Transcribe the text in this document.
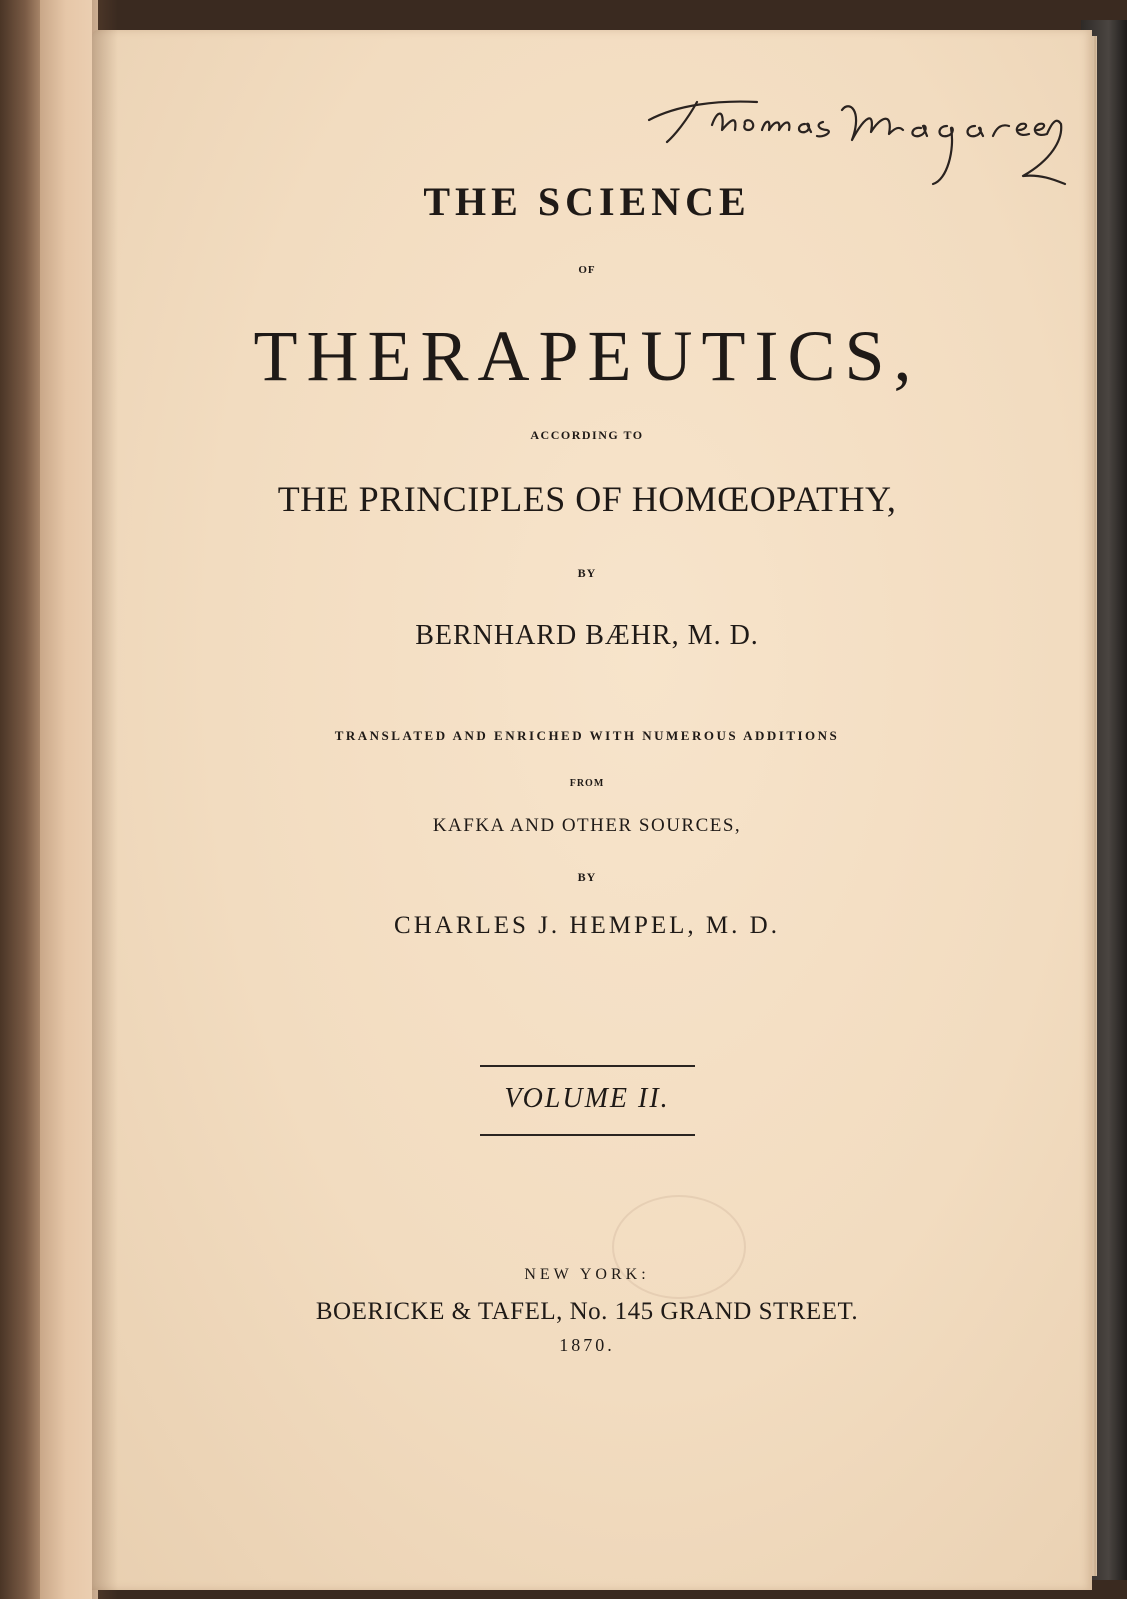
THE SCIENCE
OF
THERAPEUTICS,
ACCORDING TO
THE PRINCIPLES OF HOMŒOPATHY,
BY
BERNHARD BÆHR, M. D.
TRANSLATED AND ENRICHED WITH NUMEROUS ADDITIONS
FROM
KAFKA AND OTHER SOURCES,
BY
CHARLES J. HEMPEL, M. D.
VOLUME II.
NEW YORK:
BOERICKE & TAFEL, No. 145 GRAND STREET.
1870.
